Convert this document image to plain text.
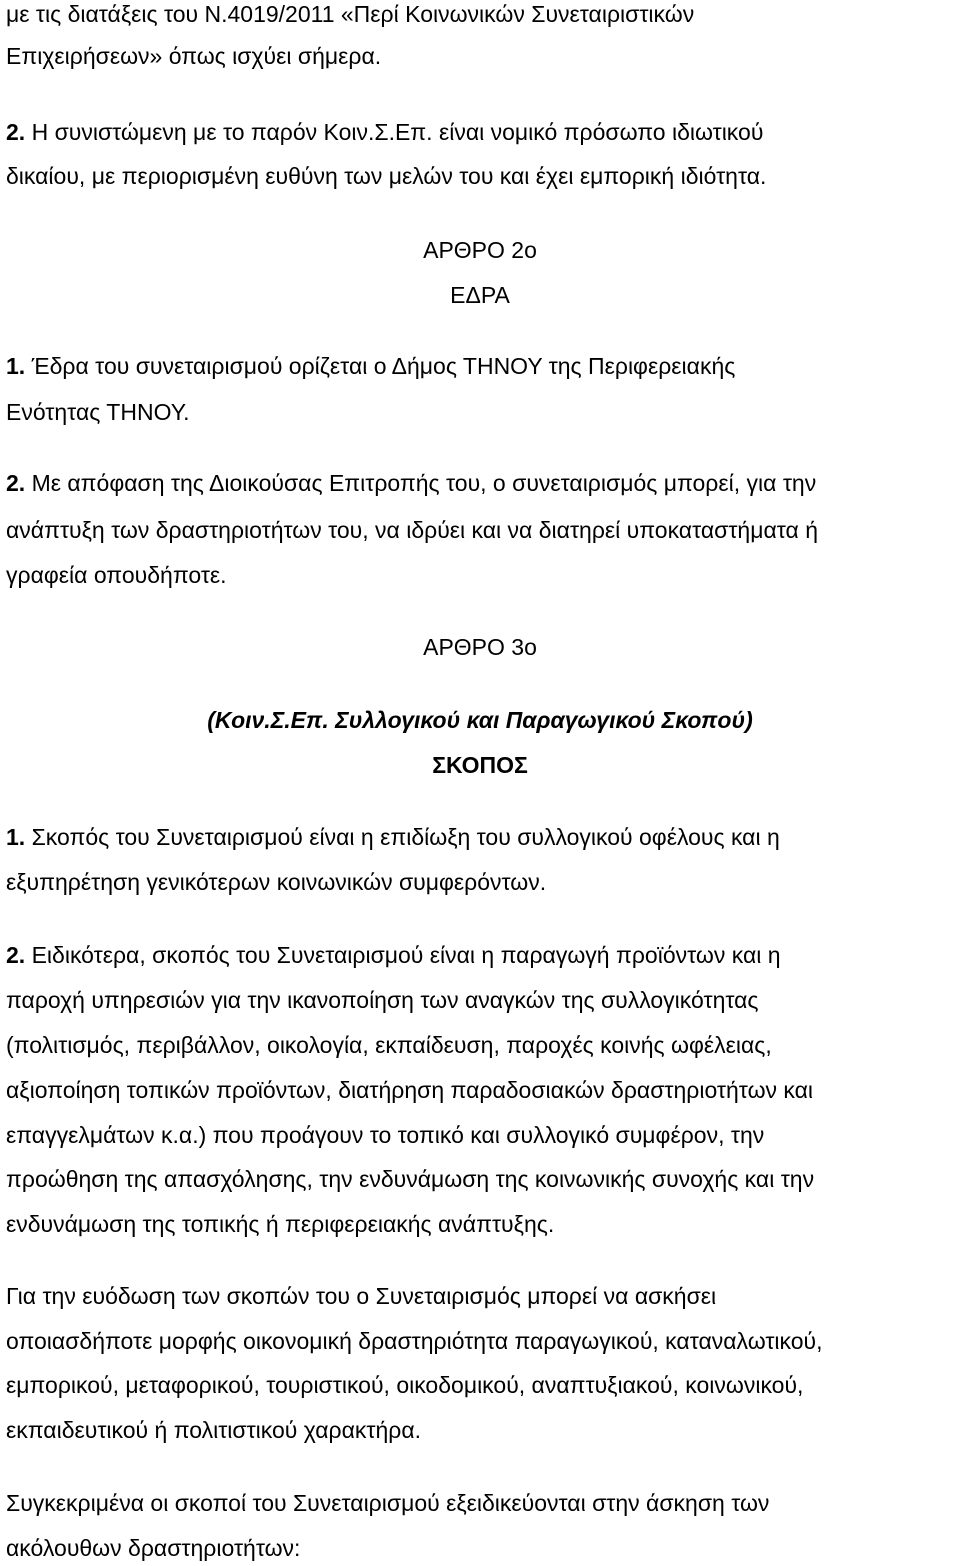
με τις διατάξεις του Ν.4019/2011 «Περί Κοινωνικών Συνεταιριστικών
Επιχειρήσεων» όπως ισχύει σήμερα.
2. Η συνιστώμενη με το παρόν Κοιν.Σ.Επ. είναι νομικό πρόσωπο ιδιωτικού
δικαίου, με περιορισμένη ευθύνη των μελών του και έχει εμπορική ιδιότητα.
ΑΡΘΡΟ 2ο
ΕΔΡΑ
1. Έδρα του συνεταιρισμού ορίζεται ο Δήμος ΤΗΝΟΥ της Περιφερειακής
Ενότητας ΤΗΝΟΥ.
2. Με απόφαση της Διοικούσας Επιτροπής του, ο συνεταιρισμός μπορεί, για την
ανάπτυξη των δραστηριοτήτων του, να ιδρύει και να διατηρεί υποκαταστήματα ή
γραφεία οπουδήποτε.
ΑΡΘΡΟ 3ο
(Κοιν.Σ.Επ. Συλλογικού και Παραγωγικού Σκοπού)
ΣΚΟΠΟΣ
1. Σκοπός του Συνεταιρισμού είναι η επιδίωξη του συλλογικού οφέλους και η
εξυπηρέτηση γενικότερων κοινωνικών συμφερόντων.
2. Ειδικότερα, σκοπός του Συνεταιρισμού είναι η παραγωγή προϊόντων και η
παροχή υπηρεσιών για την ικανοποίηση των αναγκών της συλλογικότητας
(πολιτισμός, περιβάλλον, οικολογία, εκπαίδευση, παροχές κοινής ωφέλειας,
αξιοποίηση τοπικών προϊόντων, διατήρηση παραδοσιακών δραστηριοτήτων και
επαγγελμάτων κ.α.) που προάγουν το τοπικό και συλλογικό συμφέρον, την
προώθηση της απασχόλησης, την ενδυνάμωση της κοινωνικής συνοχής και την
ενδυνάμωση της τοπικής ή περιφερειακής ανάπτυξης.
Για την ευόδωση των σκοπών του ο Συνεταιρισμός μπορεί να ασκήσει
οποιασδήποτε μορφής οικονομική δραστηριότητα παραγωγικού, καταναλωτικού,
εμπορικού, μεταφορικού, τουριστικού, οικοδομικού, αναπτυξιακού, κοινωνικού,
εκπαιδευτικού ή πολιτιστικού χαρακτήρα.
Συγκεκριμένα οι σκοποί του Συνεταιρισμού εξειδικεύονται στην άσκηση των
ακόλουθων δραστηριοτήτων:
